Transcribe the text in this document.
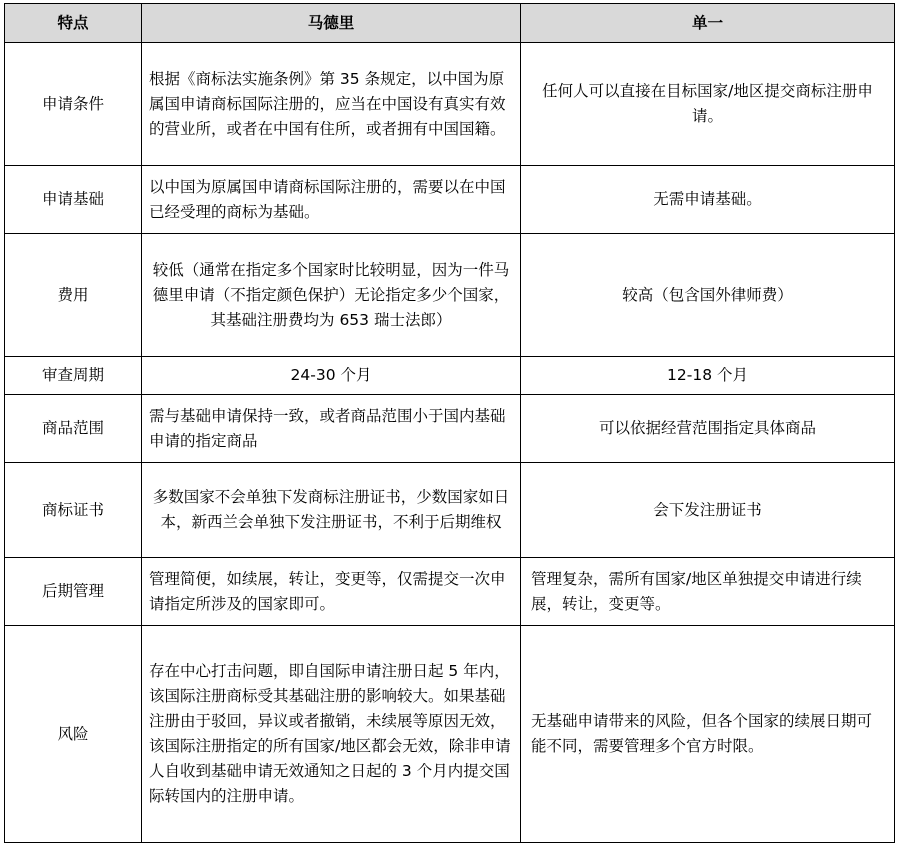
特点	马德里	单一
申请条件	根据《商标法实施条例》第 35 条规定，以中国为原属国申请商标国际注册的，应当在中国设有真实有效的营业所，或者在中国有住所，或者拥有中国国籍。	任何人可以直接在目标国家/地区提交商标注册申请。
申请基础	以中国为原属国申请商标国际注册的，需要以在中国已经受理的商标为基础。	无需申请基础。
费用	较低（通常在指定多个国家时比较明显，因为一件马德里申请（不指定颜色保护）无论指定多少个国家，其基础注册费均为 653 瑞士法郎）	较高（包含国外律师费）
审查周期	24-30 个月	12-18 个月
商品范围	需与基础申请保持一致，或者商品范围小于国内基础申请的指定商品	可以依据经营范围指定具体商品
商标证书	多数国家不会单独下发商标注册证书，少数国家如日本，新西兰会单独下发注册证书，不利于后期维权	会下发注册证书
后期管理	管理简便，如续展，转让，变更等，仅需提交一次申请指定所涉及的国家即可。	管理复杂，需所有国家/地区单独提交申请进行续展，转让，变更等。
风险	存在中心打击问题，即自国际申请注册日起 5 年内，该国际注册商标受其基础注册的影响较大。如果基础注册由于驳回，异议或者撤销，未续展等原因无效，该国际注册指定的所有国家/地区都会无效，除非申请人自收到基础申请无效通知之日起的 3 个月内提交国际转国内的注册申请。	无基础申请带来的风险，但各个国家的续展日期可能不同，需要管理多个官方时限。
